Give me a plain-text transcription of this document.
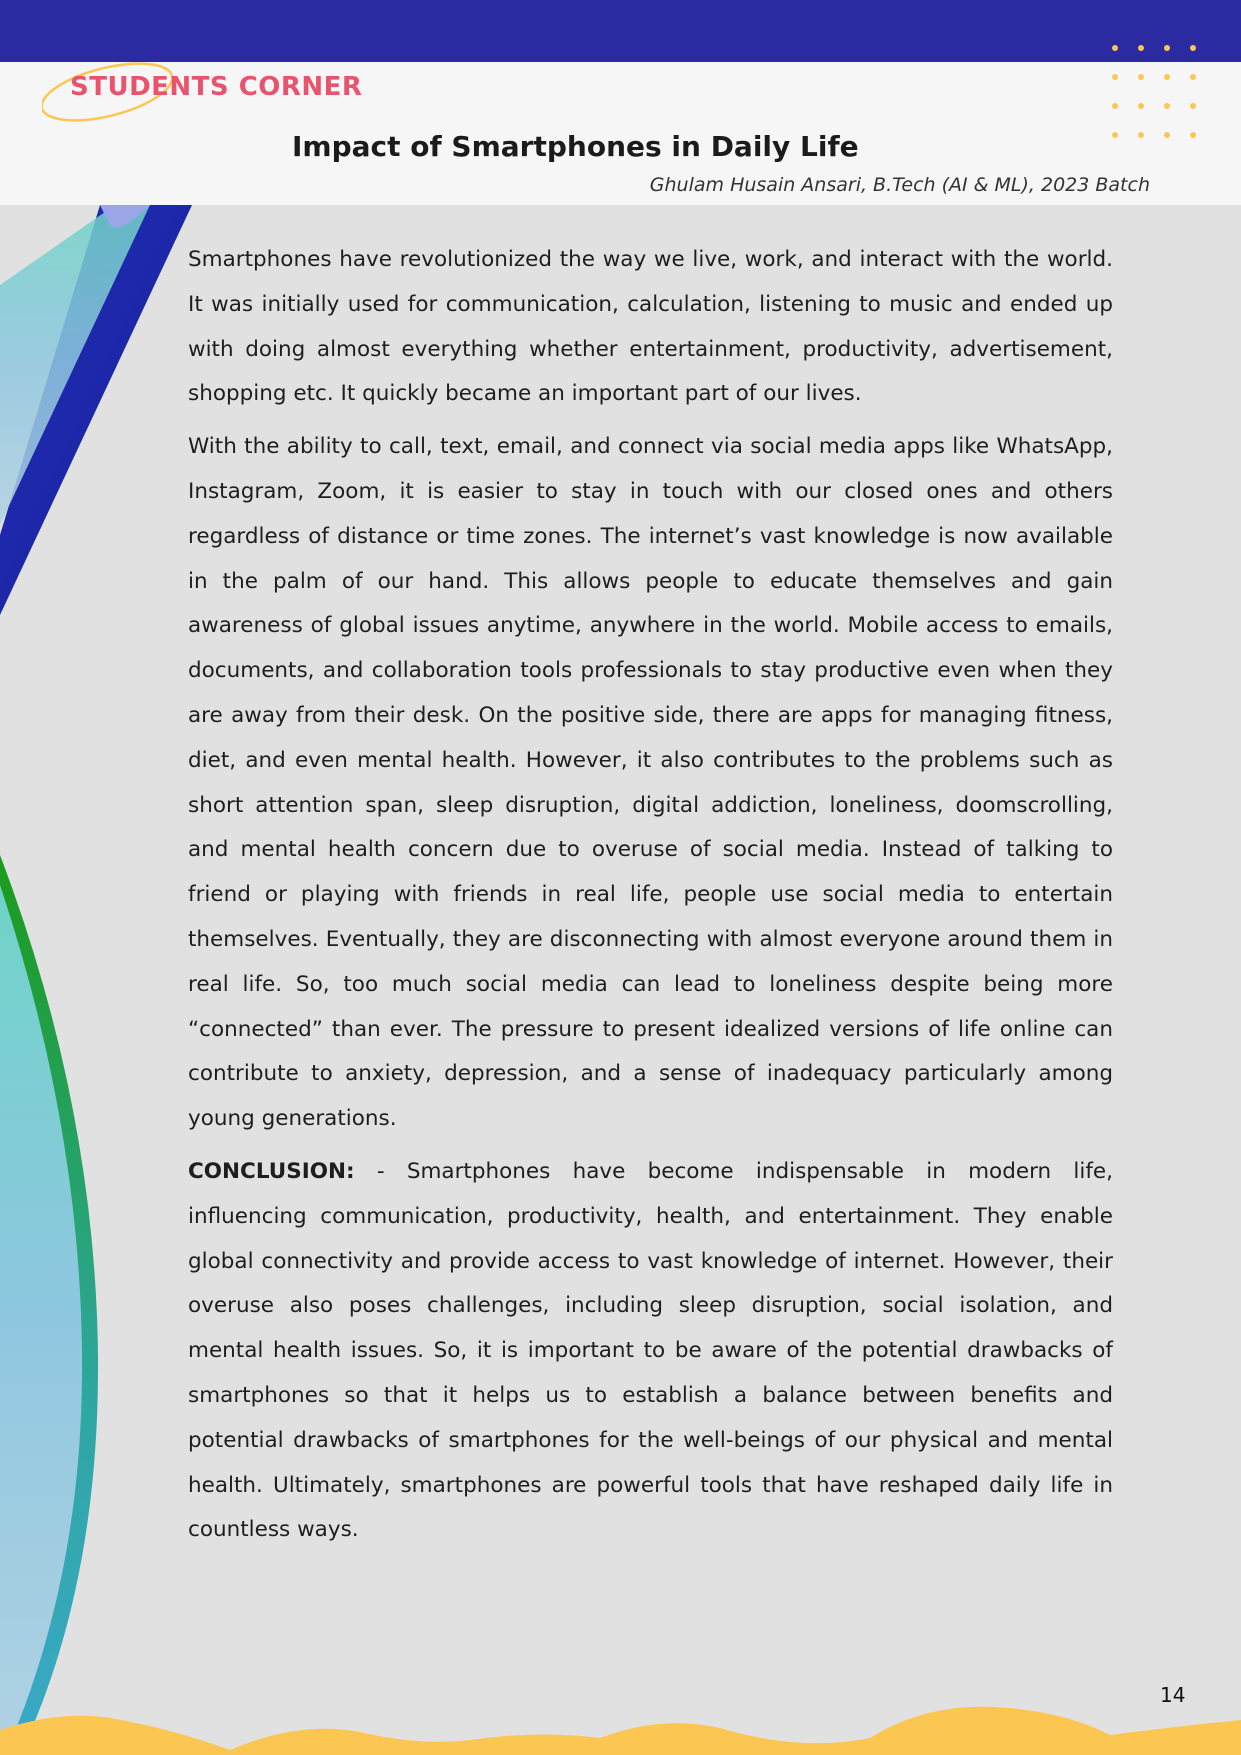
STUDENTS CORNER
Impact of Smartphones in Daily Life
Ghulam Husain Ansari, B.Tech (AI & ML), 2023 Batch

Smartphones have revolutionized the way we live, work, and interact with the world. It was initially used for communication, calculation, listening to music and ended up with doing almost everything whether entertainment, productivity, advertisement, shopping etc. It quickly became an important part of our lives.

With the ability to call, text, email, and connect via social media apps like WhatsApp, Instagram, Zoom, it is easier to stay in touch with our closed ones and others regardless of distance or time zones. The internet’s vast knowledge is now available in the palm of our hand. This allows people to educate themselves and gain awareness of global issues anytime, anywhere in the world. Mobile access to emails, documents, and collaboration tools professionals to stay productive even when they are away from their desk. On the positive side, there are apps for managing fitness, diet, and even mental health. However, it also contributes to the problems such as short attention span, sleep disruption, digital addiction, loneliness, doomscrolling, and mental health concern due to overuse of social media. Instead of talking to friend or playing with friends in real life, people use social media to entertain themselves. Eventually, they are disconnecting with almost everyone around them in real life. So, too much social media can lead to loneliness despite being more “connected” than ever. The pressure to present idealized versions of life online can contribute to anxiety, depression, and a sense of inadequacy particularly among young generations.

CONCLUSION: - Smartphones have become indispensable in modern life, influencing communication, productivity, health, and entertainment. They enable global connectivity and provide access to vast knowledge of internet. However, their overuse also poses challenges, including sleep disruption, social isolation, and mental health issues. So, it is important to be aware of the potential drawbacks of smartphones so that it helps us to establish a balance between benefits and potential drawbacks of smartphones for the well-beings of our physical and mental health. Ultimately, smartphones are powerful tools that have reshaped daily life in countless ways.

14
